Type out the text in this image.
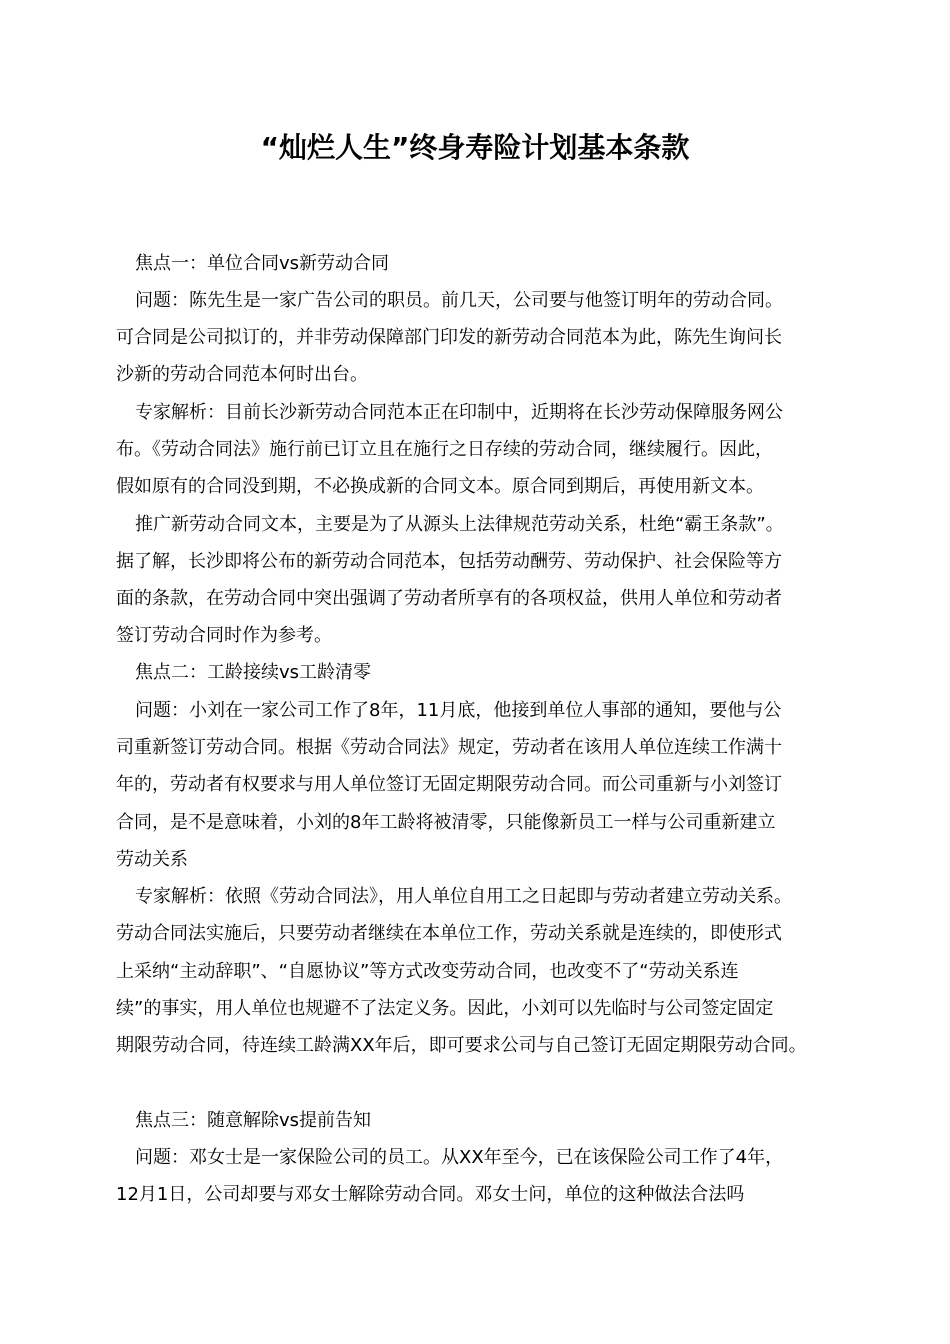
“灿烂人生”终身寿险计划基本条款
焦点一：单位合同vs新劳动合同
问题：陈先生是一家广告公司的职员。前几天，公司要与他签订明年的劳动合同。
可合同是公司拟订的，并非劳动保障部门印发的新劳动合同范本为此，陈先生询问长
沙新的劳动合同范本何时出台。
专家解析：目前长沙新劳动合同范本正在印制中，近期将在长沙劳动保障服务网公
布。《劳动合同法》施行前已订立且在施行之日存续的劳动合同，继续履行。因此，
假如原有的合同没到期，不必换成新的合同文本。原合同到期后，再使用新文本。
推广新劳动合同文本，主要是为了从源头上法律规范劳动关系，杜绝“霸王条款”。
据了解，长沙即将公布的新劳动合同范本，包括劳动酬劳、劳动保护、社会保险等方
面的条款，在劳动合同中突出强调了劳动者所享有的各项权益，供用人单位和劳动者
签订劳动合同时作为参考。
焦点二：工龄接续vs工龄清零
问题：小刘在一家公司工作了8年，11月底，他接到单位人事部的通知，要他与公
司重新签订劳动合同。根据《劳动合同法》规定，劳动者在该用人单位连续工作满十
年的，劳动者有权要求与用人单位签订无固定期限劳动合同。而公司重新与小刘签订
合同，是不是意味着，小刘的8年工龄将被清零，只能像新员工一样与公司重新建立
劳动关系
专家解析：依照《劳动合同法》，用人单位自用工之日起即与劳动者建立劳动关系。
劳动合同法实施后，只要劳动者继续在本单位工作，劳动关系就是连续的，即使形式
上采纳“主动辞职”、“自愿协议”等方式改变劳动合同，也改变不了“劳动关系连
续”的事实，用人单位也规避不了法定义务。因此，小刘可以先临时与公司签定固定
期限劳动合同，待连续工龄满XX年后，即可要求公司与自己签订无固定期限劳动合同。
焦点三：随意解除vs提前告知
问题：邓女士是一家保险公司的员工。从XX年至今，已在该保险公司工作了4年，
12月1日，公司却要与邓女士解除劳动合同。邓女士问，单位的这种做法合法吗
